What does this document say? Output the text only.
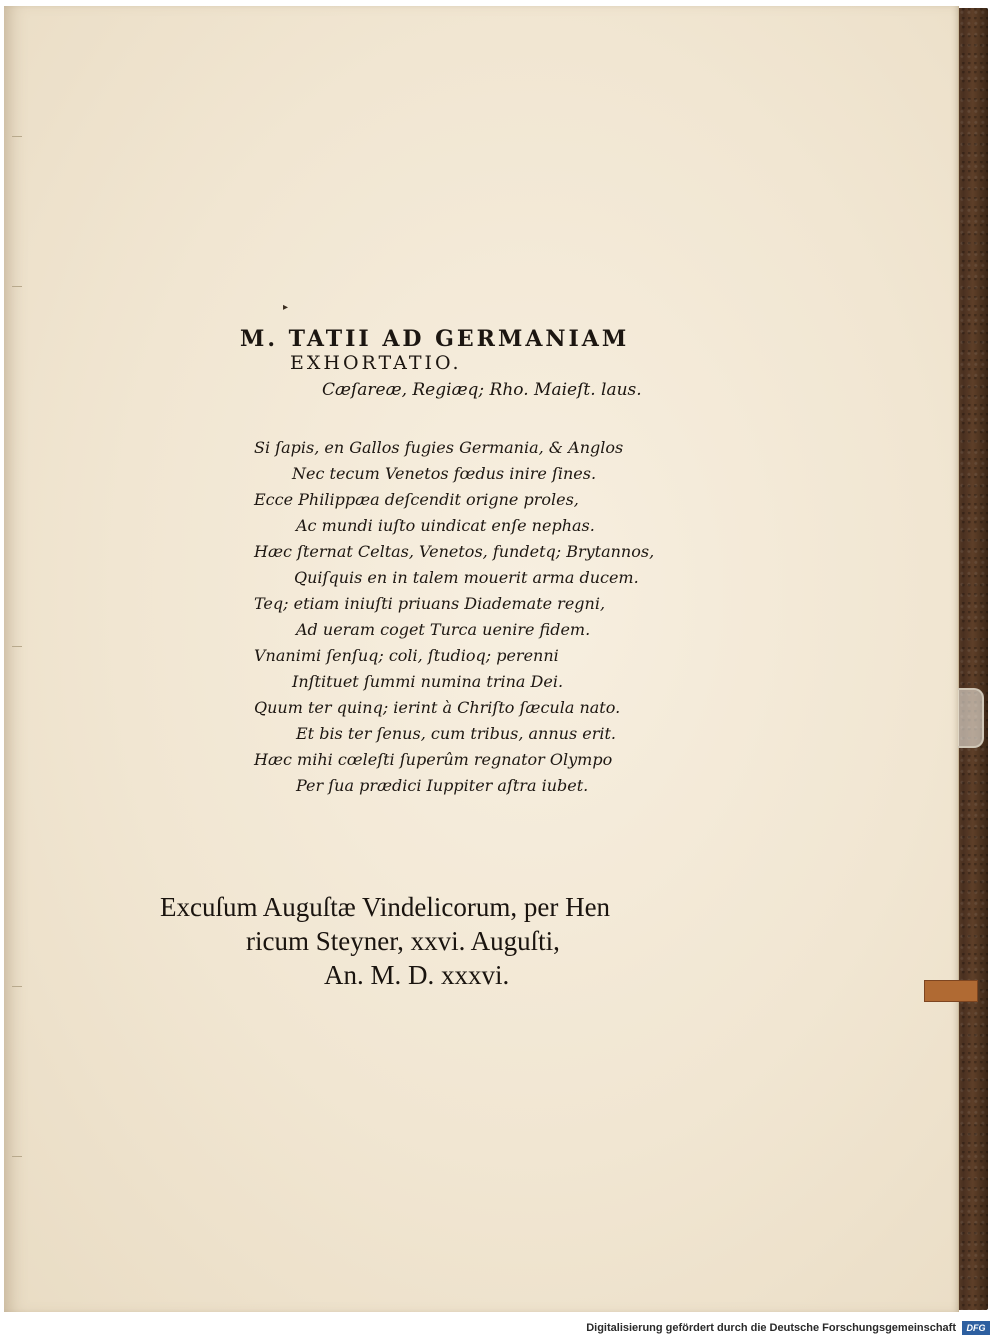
▸
M. TATII AD GERMANIAM
EXHORTATIO.
Cæſareæ, Regiæq; Rho. Maieſt. laus.
Si ſapis, en Gallos fugies Germania, & Anglos
Nec tecum Venetos fœdus inire ſines.
Ecce Philippæa deſcendit origne proles,
Ac mundi iuſto uindicat enſe nephas.
Hæc ſternat Celtas, Venetos, fundetq; Brytannos,
Quiſquis en in talem mouerit arma ducem.
Teq; etiam iniuſti priuans Diademate regni,
Ad ueram coget Turca uenire fidem.
Vnanimi ſenſuq; coli, ſtudioq; perenni
Inſtituet ſummi numina trina Dei.
Quum ter quinq; ierint à Chriſto ſæcula nato.
Et bis ter ſenus, cum tribus, annus erit.
Hæc mihi cœleſti ſuperûm regnator Olympo
Per ſua prædici Iuppiter aſtra iubet.
Excuſum Auguſtæ Vindelicorum, per Hen
ricum Steyner, xxvi. Auguſti,
An. M. D. xxxvi.
Digitalisierung gefördert durch die Deutsche Forschungsgemeinschaft	DFG
